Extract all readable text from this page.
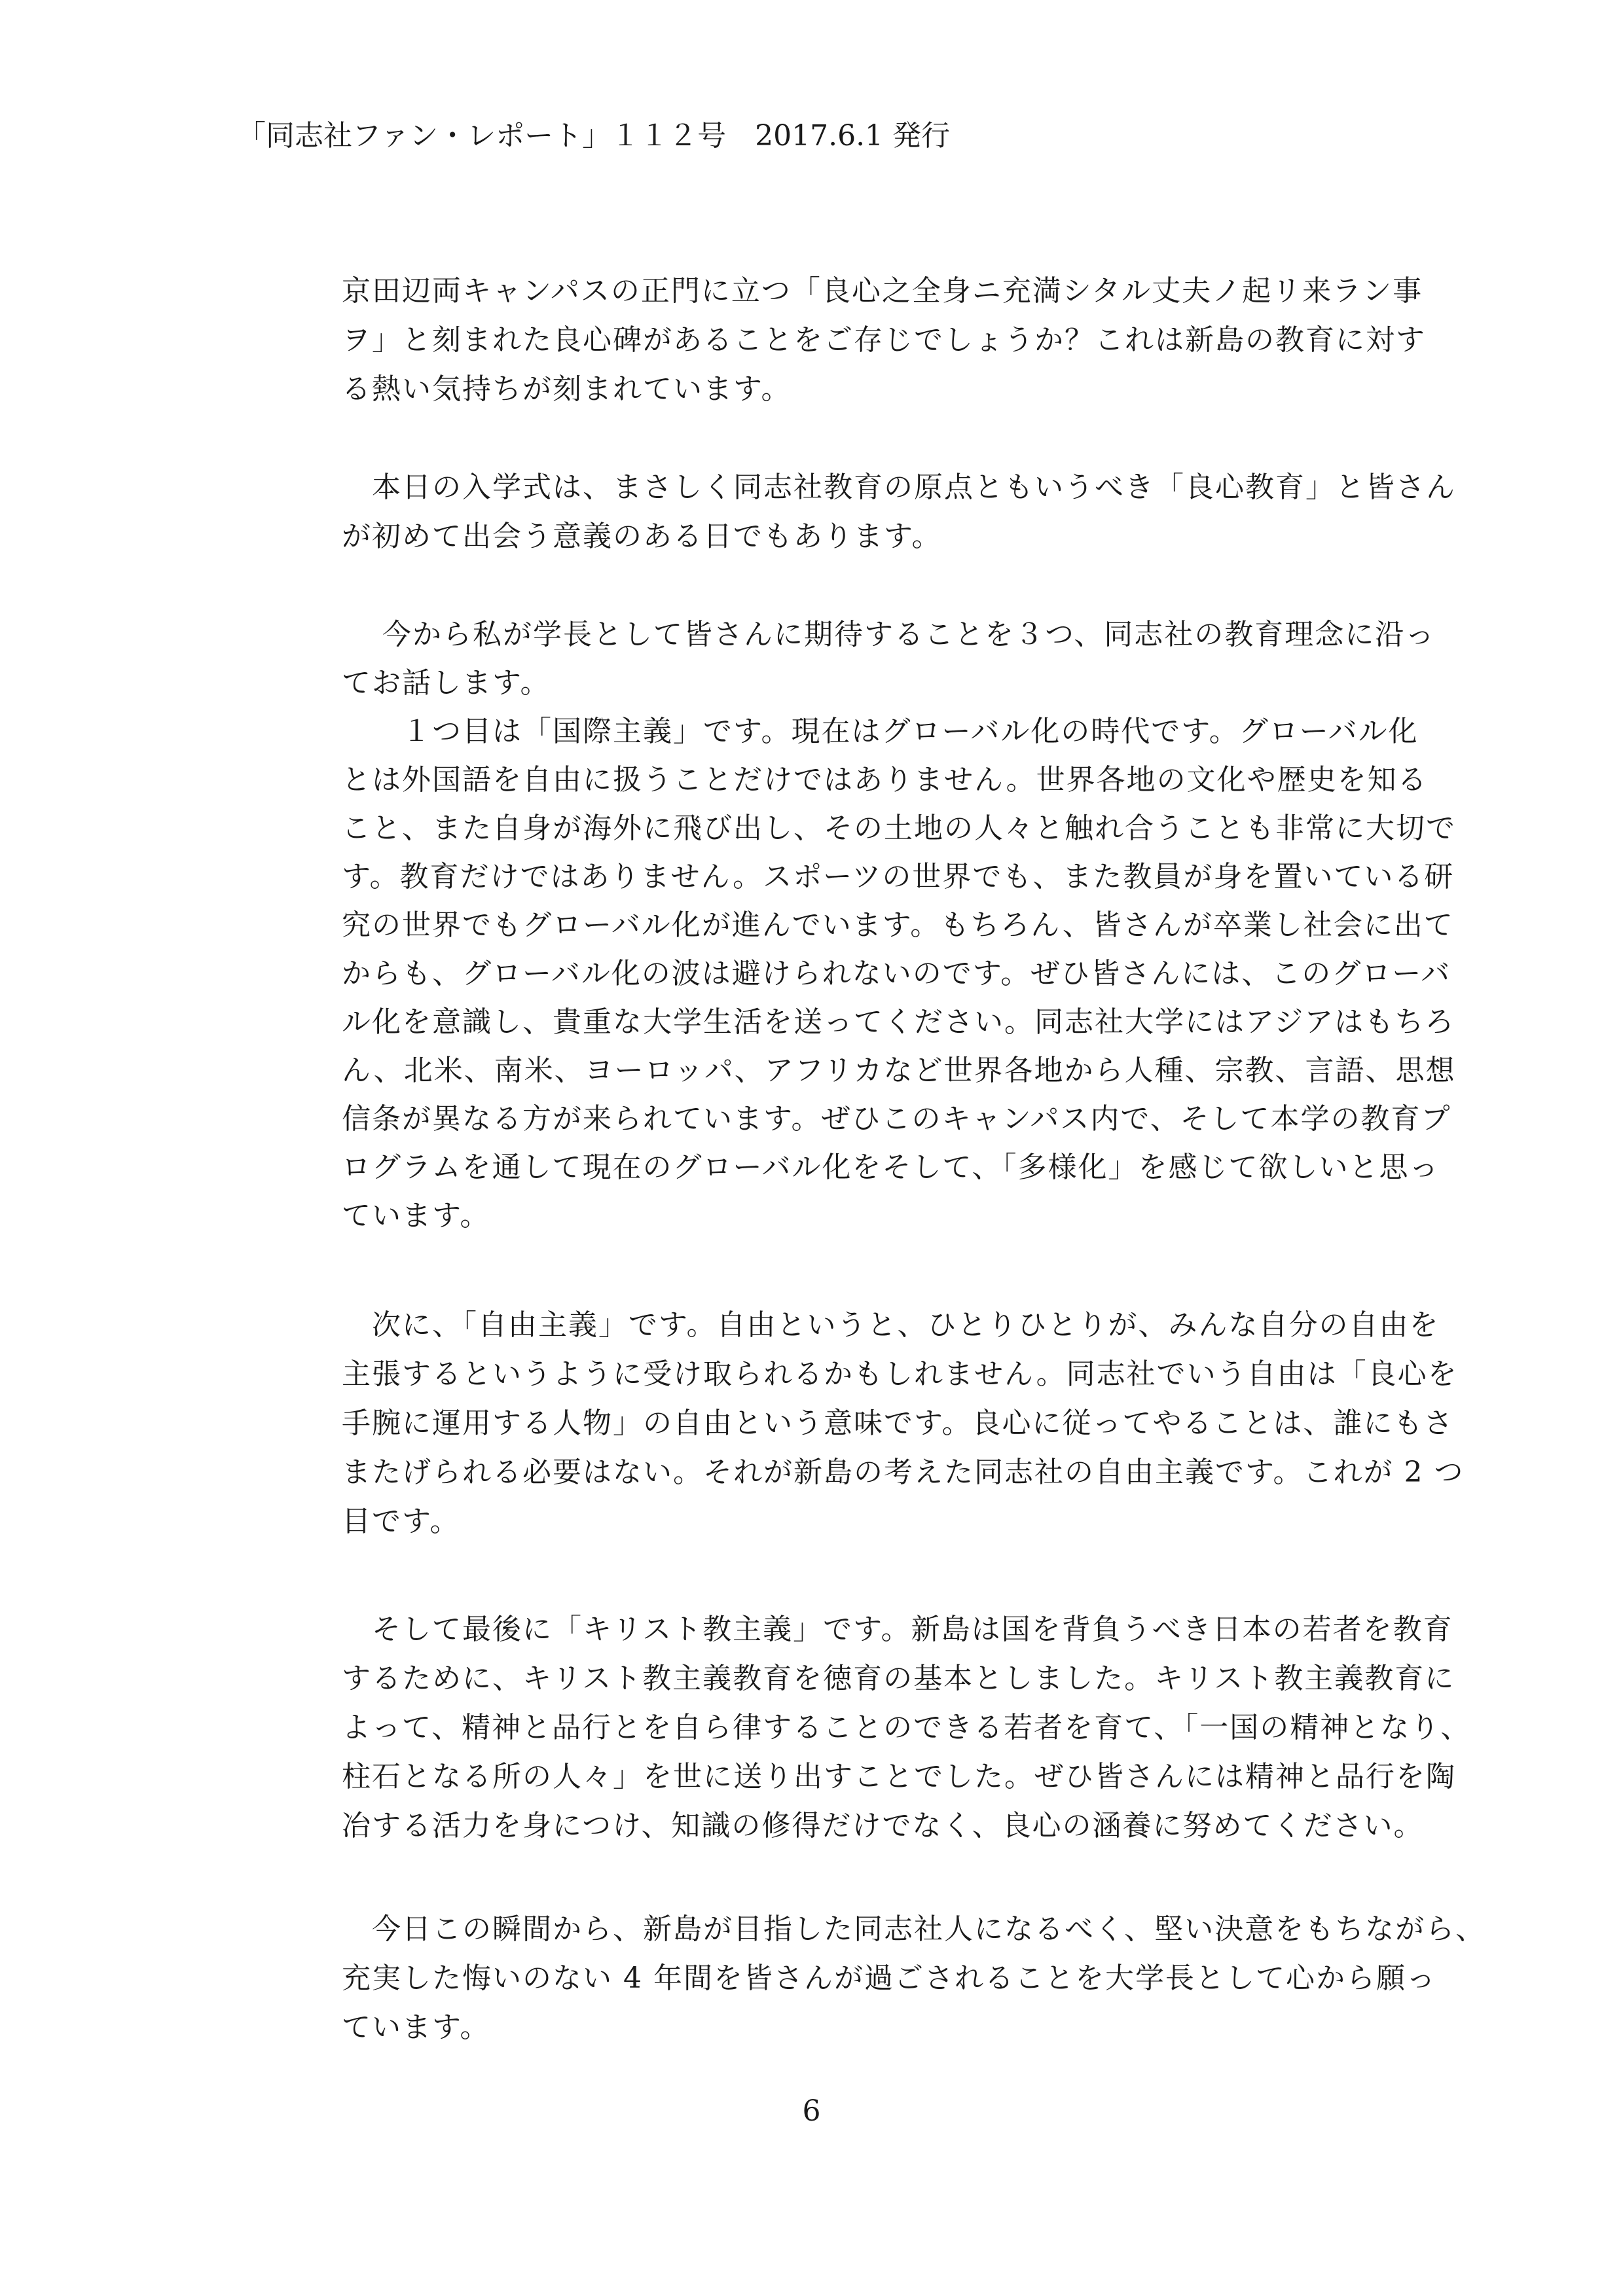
「同志社ファン・レポート」１１２号　2017.6.1 発行
京田辺両キャンパスの正門に立つ「良心之全身ニ充満シタル丈夫ノ起リ来ラン事
ヲ」と刻まれた良心碑があることをご存じでしょうか？これは新島の教育に対す
る熱い気持ちが刻まれています。
　本日の入学式は、まさしく同志社教育の原点ともいうべき「良心教育」と皆さん
が初めて出会う意義のある日でもあります。
　 今から私が学長として皆さんに期待することを３つ、同志社の教育理念に沿っ
てお話します。
　　１つ目は「国際主義」です。現在はグローバル化の時代です。グローバル化
とは外国語を自由に扱うことだけではありません。世界各地の文化や歴史を知る
こと、また自身が海外に飛び出し、その土地の人々と触れ合うことも非常に大切で
す。教育だけではありません。スポーツの世界でも、また教員が身を置いている研
究の世界でもグローバル化が進んでいます。もちろん、皆さんが卒業し社会に出て
からも、グローバル化の波は避けられないのです。ぜひ皆さんには、このグローバ
ル化を意識し、貴重な大学生活を送ってください。同志社大学にはアジアはもちろ
ん、北米、南米、ヨーロッパ、アフリカなど世界各地から人種、宗教、言語、思想
信条が異なる方が来られています。ぜひこのキャンパス内で、そして本学の教育プ
ログラムを通して現在のグローバル化をそして、「多様化」を感じて欲しいと思っ
ています。
　次に、「自由主義」です。自由というと、ひとりひとりが、みんな自分の自由を
主張するというように受け取られるかもしれません。同志社でいう自由は「良心を
手腕に運用する人物」の自由という意味です。良心に従ってやることは、誰にもさ
またげられる必要はない。それが新島の考えた同志社の自由主義です。これが 2 つ
目です。
　そして最後に「キリスト教主義」です。新島は国を背負うべき日本の若者を教育
するために、キリスト教主義教育を徳育の基本としました。キリスト教主義教育に
よって、精神と品行とを自ら律することのできる若者を育て、「一国の精神となり、
柱石となる所の人々」を世に送り出すことでした。ぜひ皆さんには精神と品行を陶
冶する活力を身につけ、知識の修得だけでなく、良心の涵養に努めてください。
　今日この瞬間から、新島が目指した同志社人になるべく、堅い決意をもちながら、
充実した悔いのない 4 年間を皆さんが過ごされることを大学長として心から願っ
ています。
6
